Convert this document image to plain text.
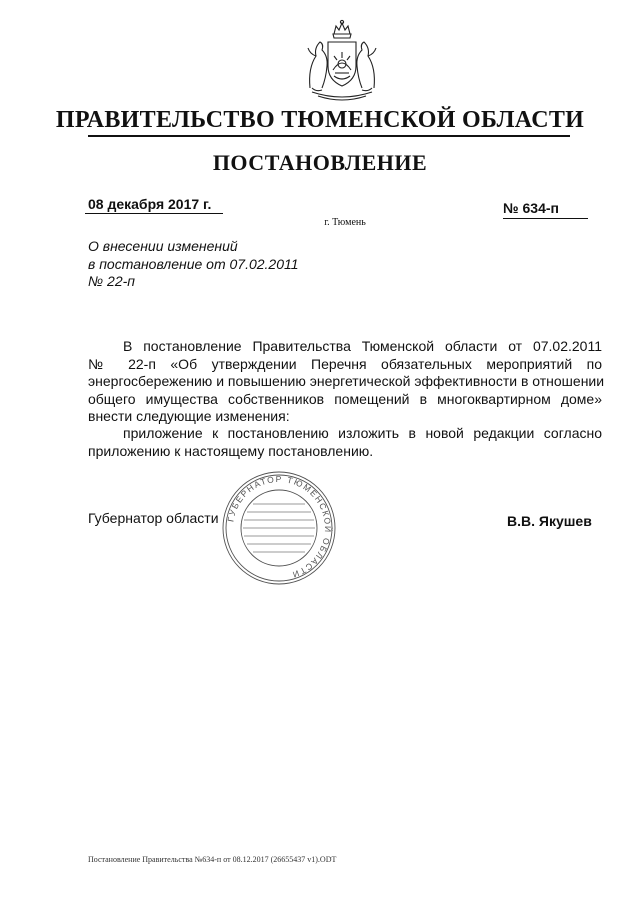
ПРАВИТЕЛЬСТВО ТЮМЕНСКОЙ ОБЛАСТИ
ПОСТАНОВЛЕНИЕ
08 декабря 2017 г.	№ 634-п
г. Тюмень
О внесении изменений
в постановление от 07.02.2011
№ 22-п
В постановление Правительства Тюменской области от 07.02.2011
№ 22-п «Об утверждении Перечня обязательных мероприятий по
энергосбережению и повышению энергетической эффективности в отношении
общего имущества собственников помещений в многоквартирном доме»
внести следующие изменения:
приложение к постановлению изложить в новой редакции согласно
приложению к настоящему постановлению.
Губернатор области ГУБЕРНАТОР ТЮМЕНСКОЙ ОБЛАСТИ
В.В. Якушев
Постановление Правительства №634-п от 08.12.2017 (26655437 v1).ODT
